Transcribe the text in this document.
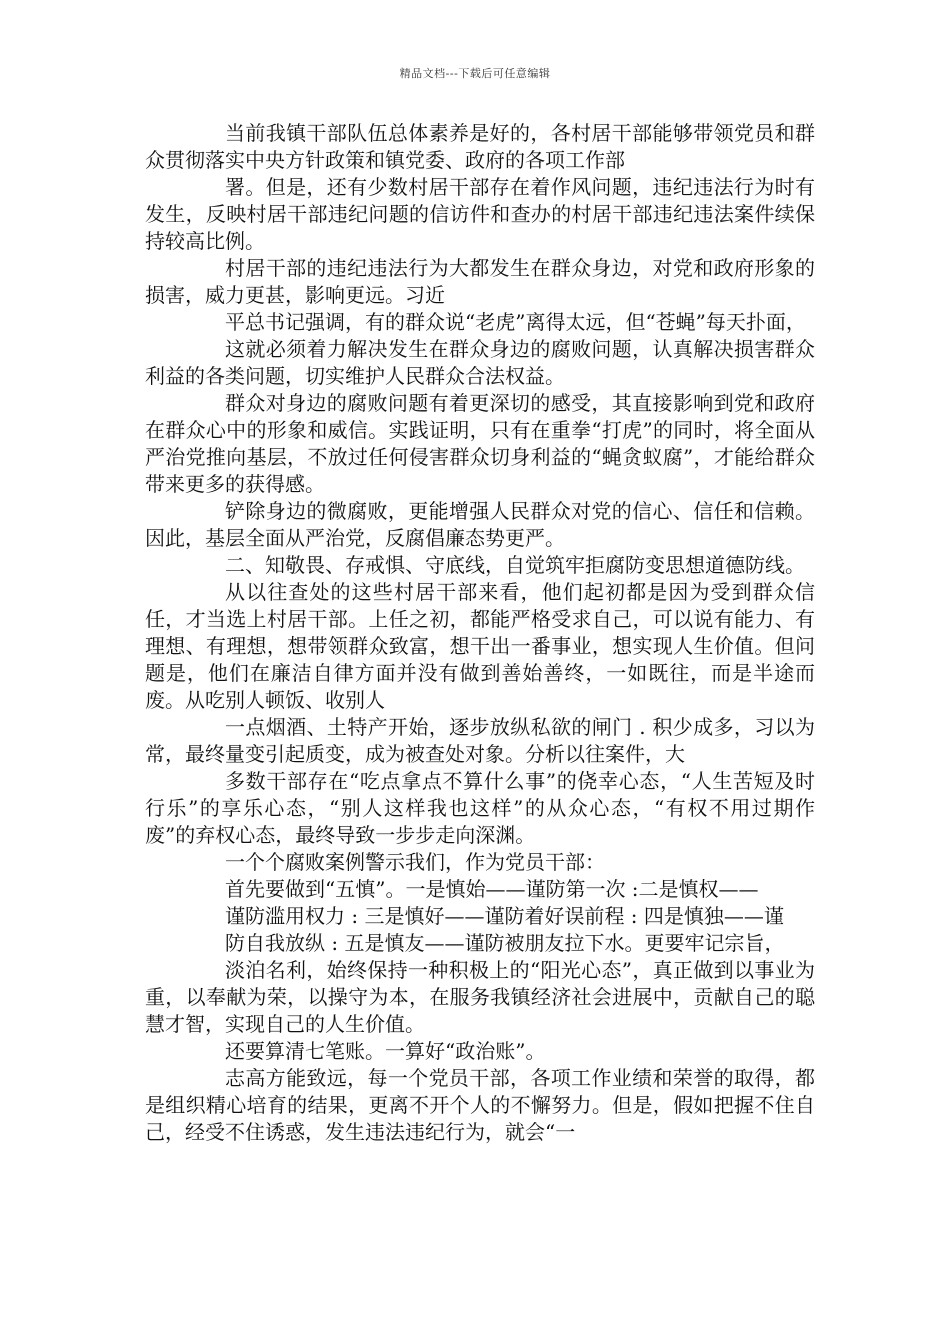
精品文档---下载后可任意编辑

当前我镇干部队伍总体素养是好的，各村居干部能够带领党员和群众贯彻落实中央方针政策和镇党委、政府的各项工作部

署。但是，还有少数村居干部存在着作风问题，违纪违法行为时有发生，反映村居干部违纪问题的信访件和查办的村居干部违纪违法案件续保持较高比例。

村居干部的违纪违法行为大都发生在群众身边，对党和政府形象的损害，威力更甚，影响更远。习近

平总书记强调，有的群众说“老虎”离得太远，但“苍蝇”每天扑面，

这就必须着力解决发生在群众身边的腐败问题，认真解决损害群众利益的各类问题，切实维护人民群众合法权益。

群众对身边的腐败问题有着更深切的感受，其直接影响到党和政府在群众心中的形象和威信。实践证明，只有在重拳“打虎”的同时，将全面从严治党推向基层，不放过任何侵害群众切身利益的“蝇贪蚁腐”，才能给群众带来更多的获得感。

铲除身边的微腐败，更能增强人民群众对党的信心、信任和信赖。因此，基层全面从严治党，反腐倡廉态势更严。

二、知敬畏、存戒惧、守底线，自觉筑牢拒腐防变思想道德防线。

从以往查处的这些村居干部来看，他们起初都是因为受到群众信任，才当选上村居干部。上任之初，都能严格受求自己，可以说有能力、有理想、有理想，想带领群众致富，想干出一番事业，想实现人生价值。但问题是，他们在廉洁自律方面并没有做到善始善终，一如既往，而是半途而废。从吃别人顿饭、收别人

一点烟酒、土特产开始，逐步放纵私欲的闸门 . 积少成多，习以为常，最终量变引起质变，成为被查处对象。分析以往案件，大

多数干部存在“吃点拿点不算什么事”的侥幸心态，“人生苦短及时行乐”的享乐心态，“别人这样我也这样”的从众心态，“有权不用过期作废”的弃权心态，最终导致一步步走向深渊。

一个个腐败案例警示我们，作为党员干部：

首先要做到“五慎”。一是慎始——谨防第一次 :二是慎权——

谨防滥用权力 : 三是慎好——谨防着好误前程 : 四是慎独——谨

防自我放纵 : 五是慎友——谨防被朋友拉下水。更要牢记宗旨，

淡泊名利，始终保持一种积极上的“阳光心态”，真正做到以事业为重，以奉献为荣，以操守为本，在服务我镇经济社会进展中，贡献自己的聪慧才智，实现自己的人生价值。

还要算清七笔账。一算好“政治账”。

志高方能致远，每一个党员干部，各项工作业绩和荣誉的取得，都是组织精心培育的结果，更离不开个人的不懈努力。但是，假如把握不住自己，经受不住诱惑，发生违法违纪行为，就会“一
